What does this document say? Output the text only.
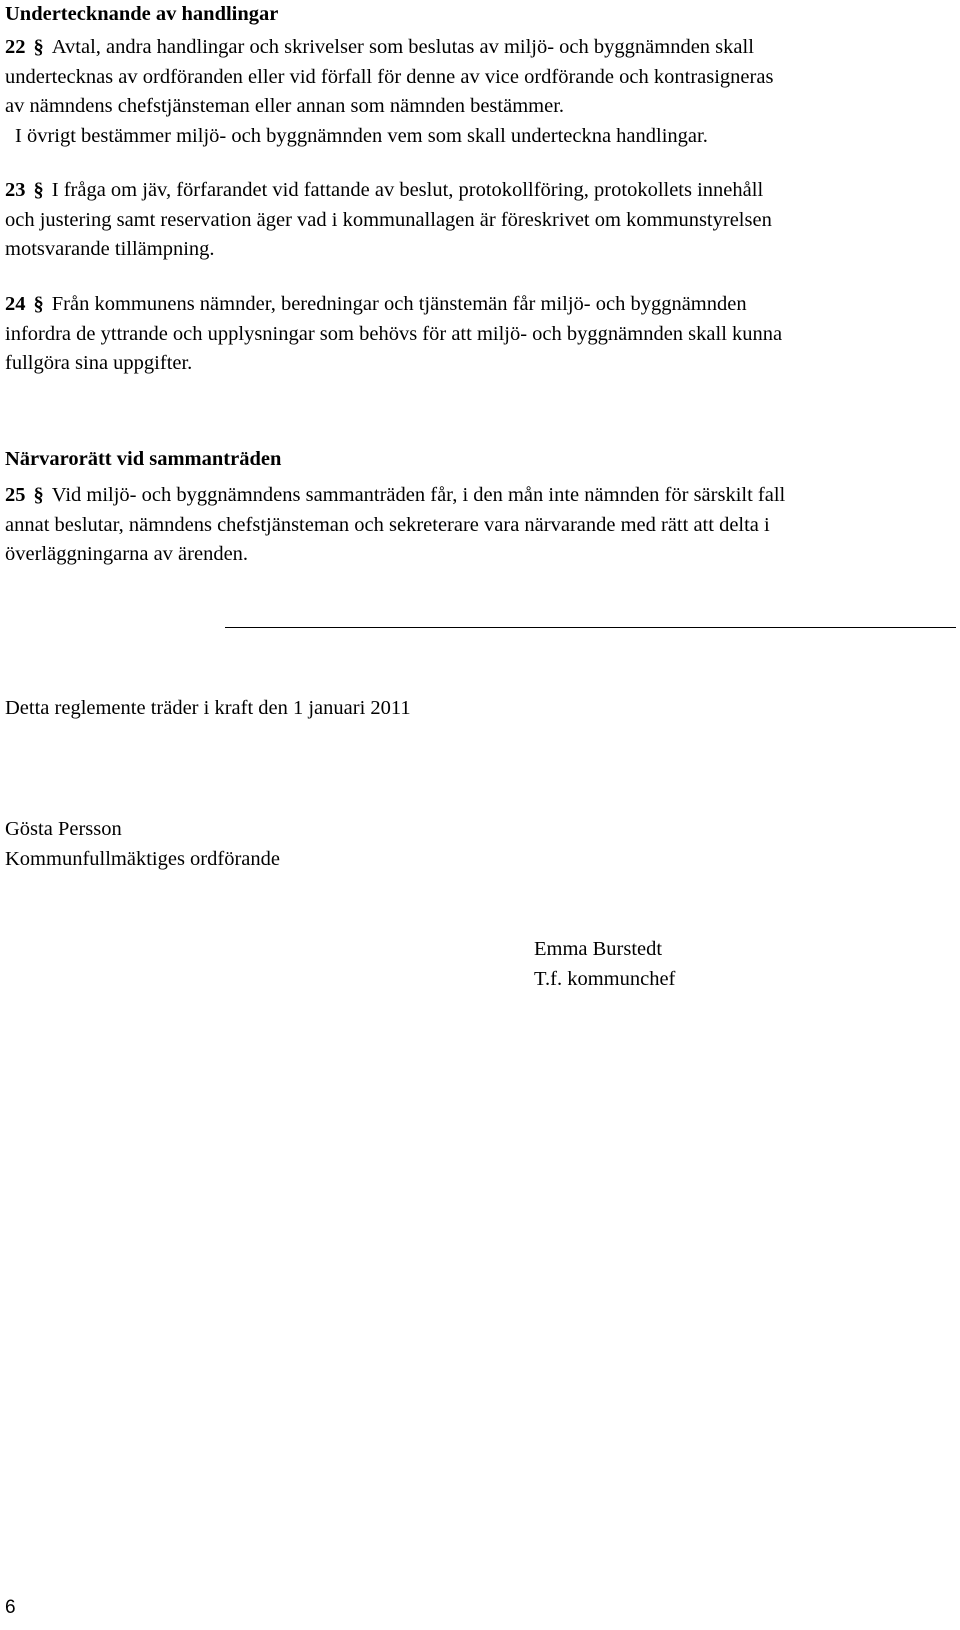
Undertecknande av handlingar

22 § Avtal, andra handlingar och skrivelser som beslutas av miljö- och byggnämnden skall
undertecknas av ordföranden eller vid förfall för denne av vice ordförande och kontrasigneras
av nämndens chefstjänsteman eller annan som nämnden bestämmer.
I övrigt bestämmer miljö- och byggnämnden vem som skall underteckna handlingar.

23 § I fråga om jäv, förfarandet vid fattande av beslut, protokollföring, protokollets innehåll
och justering samt reservation äger vad i kommunallagen är föreskrivet om kommunstyrelsen
motsvarande tillämpning.

24 § Från kommunens nämnder, beredningar och tjänstemän får miljö- och byggnämnden
infordra de yttrande och upplysningar som behövs för att miljö- och byggnämnden skall kunna
fullgöra sina uppgifter.

Närvarorätt vid sammanträden

25 § Vid miljö- och byggnämndens sammanträden får, i den mån inte nämnden för särskilt fall
annat beslutar, nämndens chefstjänsteman och sekreterare vara närvarande med rätt att delta i
överläggningarna av ärenden.

Detta reglemente träder i kraft den 1 januari 2011

Gösta Persson

Kommunfullmäktiges ordförande

Emma Burstedt

T.f. kommunchef

6
